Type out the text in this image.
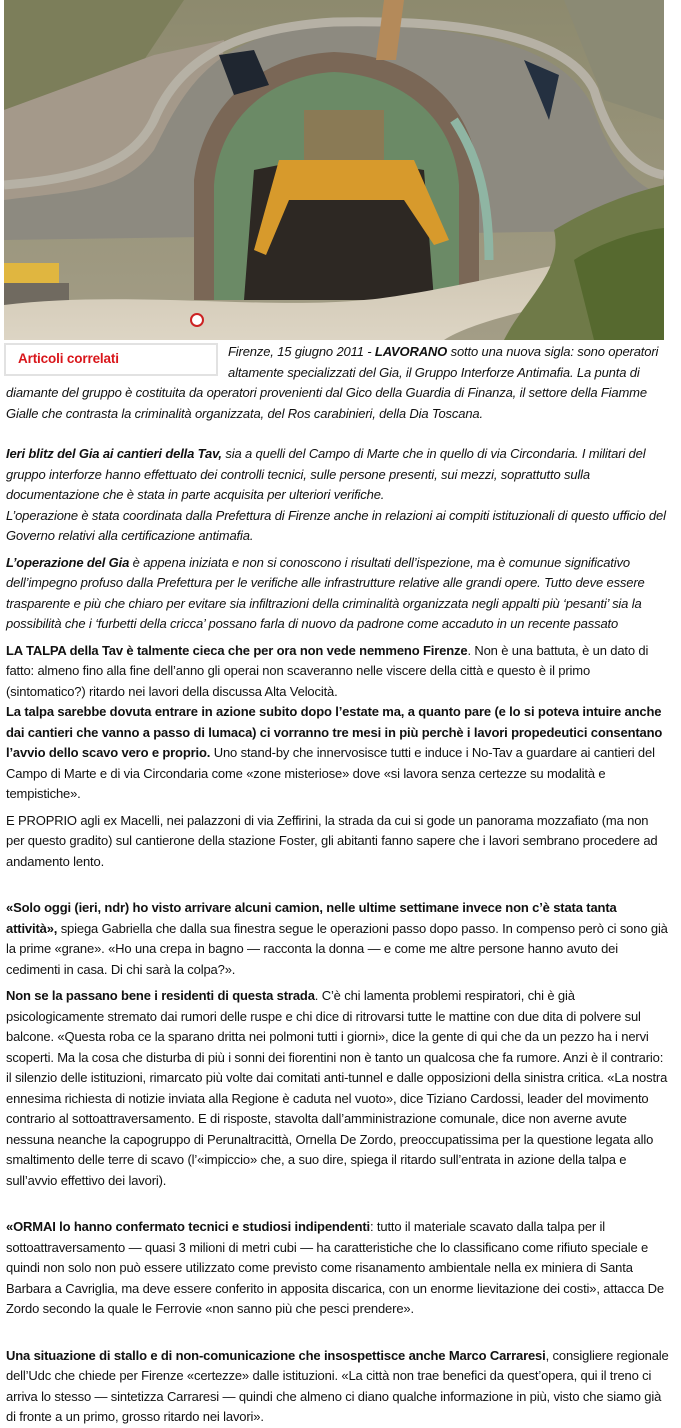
Articoli correlati	Firenze, 15 giugno 2011 - LAVORANO sotto una nuova sigla: sono operatori altamente specializzati del Gia, il Gruppo Interforze Antimafia. La punta di diamante del gruppo è costituita da operatori provenienti dal Gico della Guardia di Finanza, il settore della Fiamme Gialle che contrasta la criminalità organizzata, del Ros carabinieri, della Dia Toscana.

Ieri blitz del Gia ai cantieri della Tav, sia a quelli del Campo di Marte che in quello di via Circondaria. I militari del gruppo interforze hanno effettuato dei controlli tecnici, sulle persone presenti, sui mezzi, soprattutto sulla documentazione che è stata in parte acquisita per ulteriori verifiche.

L’operazione è stata coordinata dalla Prefettura di Firenze anche in relazioni ai compiti istituzionali di questo ufficio del Governo relativi alla certificazione antimafia.

L’operazione del Gia è appena iniziata e non si conoscono i risultati dell’ispezione, ma è comunue significativo dell’impegno profuso dalla Prefettura per le verifiche alle infrastrutture relative alle grandi opere. Tutto deve essere trasparente e più che chiaro per evitare sia infiltrazioni della criminalità organizzata negli appalti più ‘pesanti’ sia la possibilità che i ‘furbetti della cricca’ possano farla di nuovo da padrone come accaduto in un recente passato

LA TALPA della Tav è talmente cieca che per ora non vede nemmeno Firenze. Non è una battuta, è un dato di fatto: almeno fino alla fine dell’anno gli operai non scaveranno nelle viscere della città e questo è il primo (sintomatico?) ritardo nei lavori della discussa Alta Velocità.

La talpa sarebbe dovuta entrare in azione subito dopo l’estate ma, a quanto pare (e lo si poteva intuire anche dai cantieri che vanno a passo di lumaca) ci vorranno tre mesi in più perchè i lavori propedeutici consentano l’avvio dello scavo vero e proprio. Uno stand-by che innervosisce tutti e induce i No-Tav a guardare ai cantieri del Campo di Marte e di via Circondaria come «zone misteriose» dove «si lavora senza certezze su modalità e tempistiche».

E PROPRIO agli ex Macelli, nei palazzoni di via Zeffirini, la strada da cui si gode un panorama mozzafiato (ma non per questo gradito) sul cantierone della stazione Foster, gli abitanti fanno sapere che i lavori sembrano procedere ad andamento lento.

«Solo oggi (ieri, ndr) ho visto arrivare alcuni camion, nelle ultime settimane invece non c’è stata tanta attività», spiega Gabriella che dalla sua finestra segue le operazioni passo dopo passo. In compenso però ci sono già la prime «grane». «Ho una crepa in bagno — racconta la donna — e come me altre persone hanno avuto dei cedimenti in casa. Di chi sarà la colpa?».

Non se la passano bene i residenti di questa strada. C’è chi lamenta problemi respiratori, chi è già psicologicamente stremato dai rumori delle ruspe e chi dice di ritrovarsi tutte le mattine con due dita di polvere sul balcone. «Questa roba ce la sparano dritta nei polmoni tutti i giorni», dice la gente di qui che da un pezzo ha i nervi scoperti. Ma la cosa che disturba di più i sonni dei fiorentini non è tanto un qualcosa che fa rumore. Anzi è il contrario: il silenzio delle istituzioni, rimarcato più volte dai comitati anti-tunnel e dalle opposizioni della sinistra critica. «La nostra ennesima richiesta di notizie inviata alla Regione è caduta nel vuoto», dice Tiziano Cardossi, leader del movimento contrario al sottoattraversamento. E di risposte, stavolta dall’amministrazione comunale, dice non averne avute nessuna neanche la capogruppo di Perunaltracittà, Ornella De Zordo, preoccupatissima per la questione legata allo smaltimento delle terre di scavo (l’«impiccio» che, a suo dire, spiega il ritardo sull’entrata in azione della talpa e sull’avvio effettivo dei lavori).

«ORMAI lo hanno confermato tecnici e studiosi indipendenti: tutto il materiale scavato dalla talpa per il sottoattraversamento — quasi 3 milioni di metri cubi — ha caratteristiche che lo classificano come rifiuto speciale e quindi non solo non può essere utilizzato come previsto come risanamento ambientale nella ex miniera di Santa Barbara a Cavriglia, ma deve essere conferito in apposita discarica, con un enorme lievitazione dei costi», attacca De Zordo secondo la quale le Ferrovie «non sanno più che pesci prendere».

Una situazione di stallo e di non-comunicazione che insospettisce anche Marco Carraresi, consigliere regionale dell’Udc che chiede per Firenze «certezze» dalle istituzioni. «La città non trae benefici da quest’opera, qui il treno ci arriva lo stesso — sintetizza Carraresi — quindi che almeno ci diano qualche informazione in più, visto che siamo già di fronte a un primo, grosso ritardo nei lavori».
